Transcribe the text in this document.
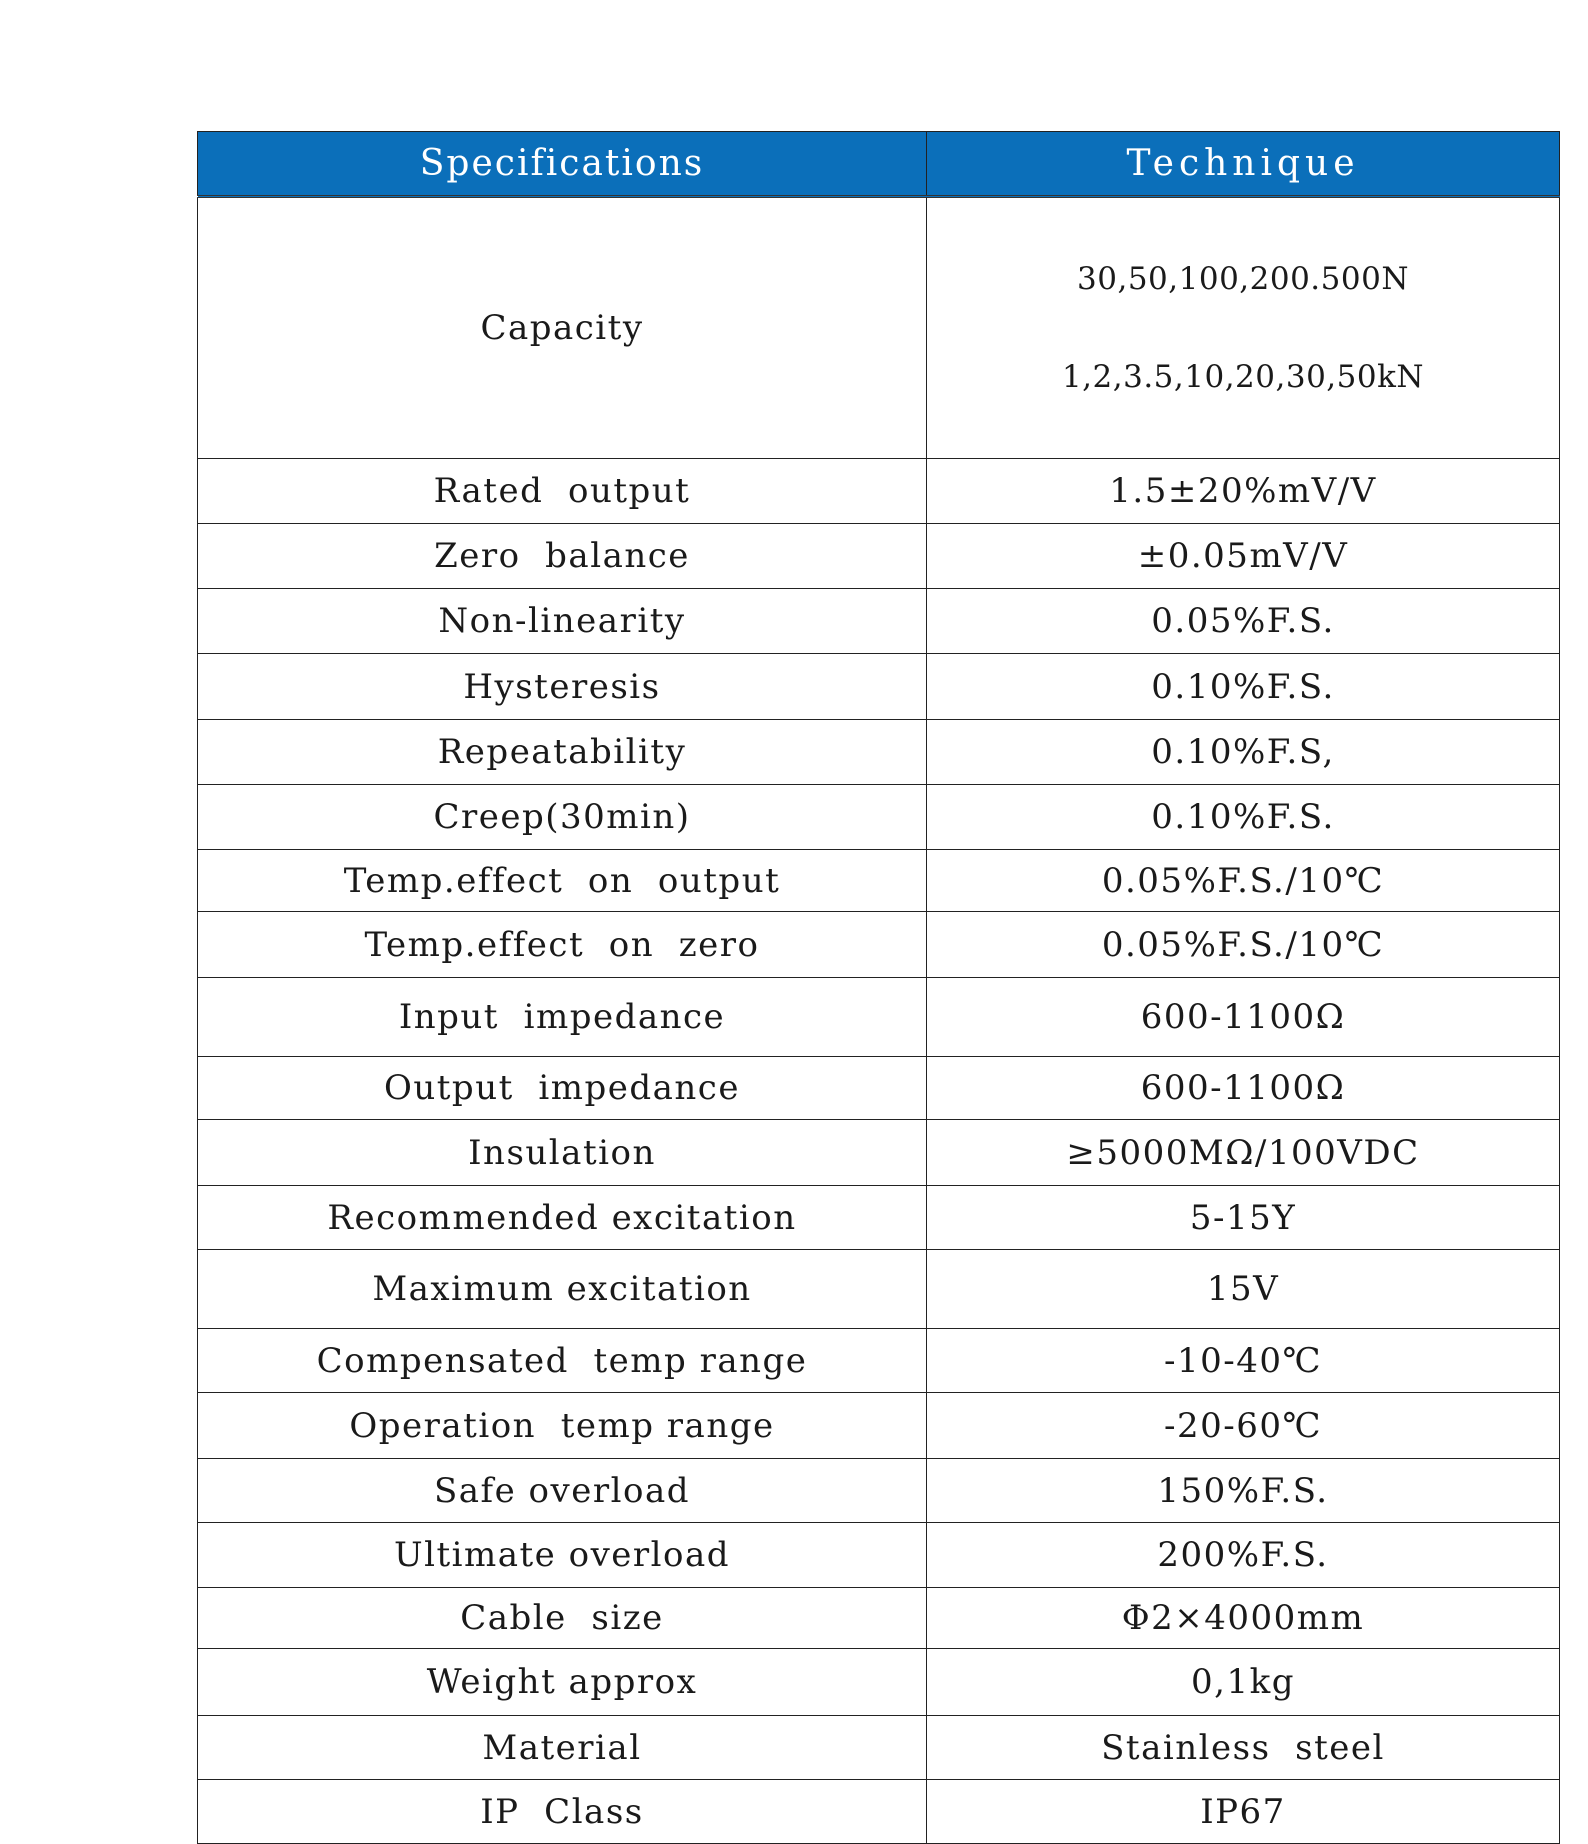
Specifications	Technique
Capacity	30,50,100,200.500N

1,2,3.5,10,20,30,50kN

Rated  output	1.5±20%mV/V
Zero  balance	±0.05mV/V
Non-linearity	0.05%F.S.
Hysteresis	0.10%F.S.
Repeatability	0.10%F.S,
Creep(30min)	0.10%F.S.
Temp.effect  on  output	0.05%F.S./10℃
Temp.effect  on  zero	0.05%F.S./10℃
Input  impedance	600-1100Ω
Output  impedance	600-1100Ω
Insulation	≥5000MΩ/100VDC
Recommended excitation	5-15Y
Maximum excitation	15V
Compensated  temp range	-10-40℃
Operation  temp range	-20-60℃
Safe overload	150%F.S.
Ultimate overload	200%F.S.
Cable  size	Φ2×4000mm
Weight approx	0,1kg
Material	Stainless  steel
IP  Class	IP67
